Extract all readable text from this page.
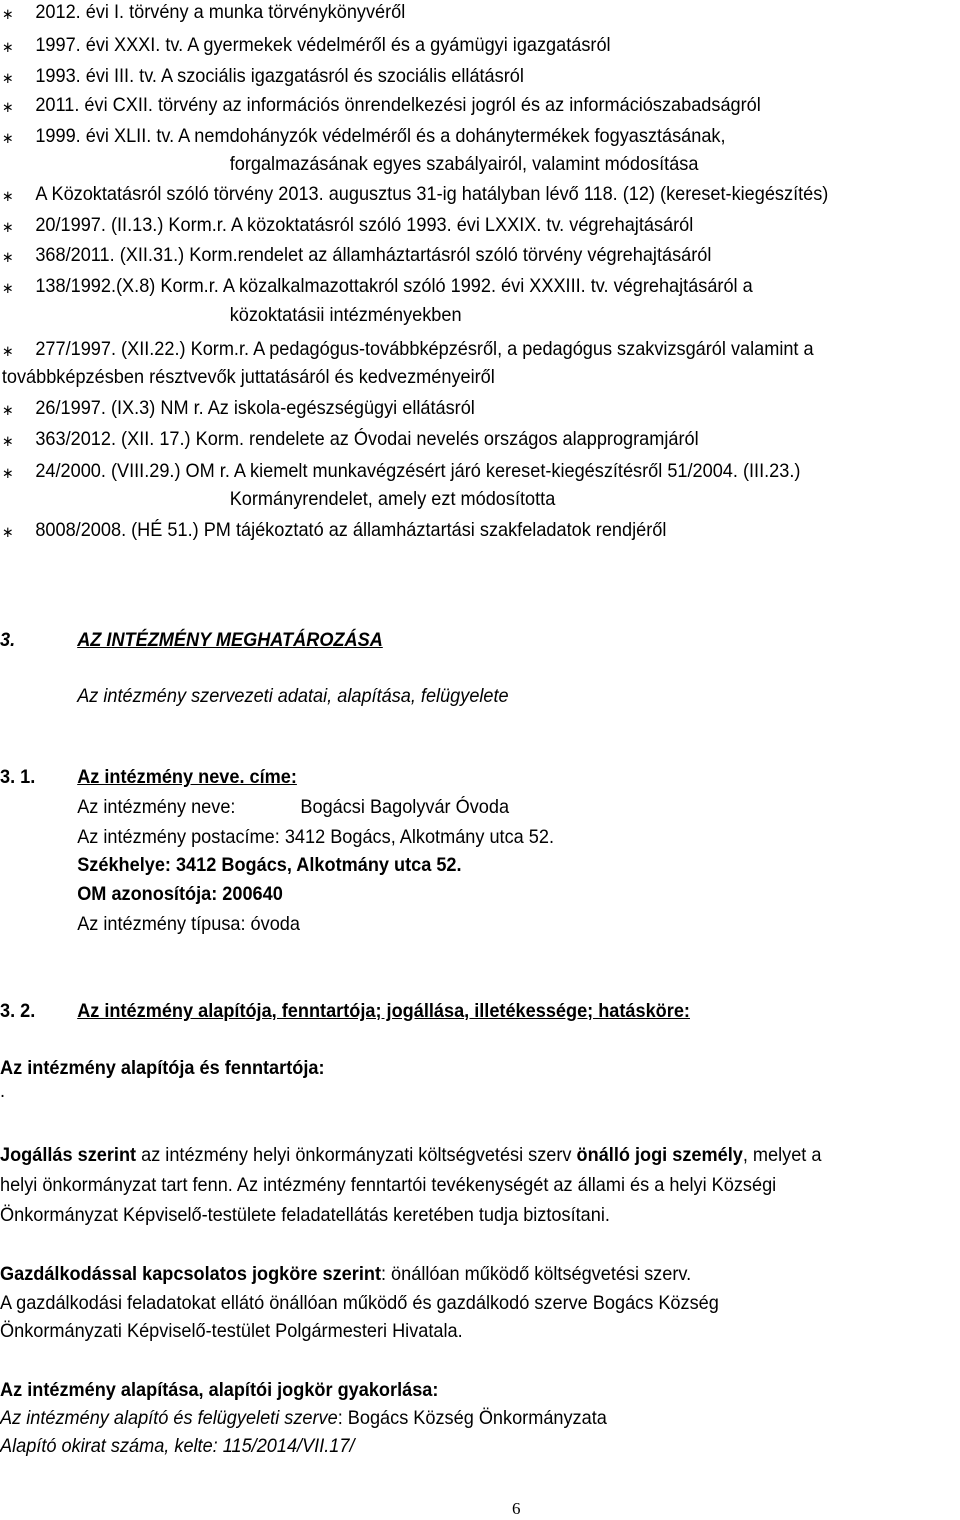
∗ 2012. évi I. törvény a munka törvénykönyvéről
∗ 1997. évi XXXI. tv. A gyermekek védelméről és a gyámügyi igazgatásról
∗ 1993. évi III. tv. A szociális igazgatásról és szociális ellátásról
∗ 2011. évi CXII. törvény az információs önrendelkezési jogról és az információszabadságról
∗ 1999. évi XLII. tv. A nemdohányzók védelméről és a dohánytermékek fogyasztásának,
forgalmazásának egyes szabályairól, valamint módosítása
∗ A Közoktatásról szóló törvény 2013. augusztus 31-ig hatályban lévő 118. (12) (kereset-kiegészítés)
∗ 20/1997. (II.13.) Korm.r. A közoktatásról szóló 1993. évi LXXIX. tv. végrehajtásáról
∗ 368/2011. (XII.31.) Korm.rendelet az államháztartásról szóló törvény végrehajtásáról
∗ 138/1992.(X.8) Korm.r. A közalkalmazottakról szóló 1992. évi XXXIII. tv. végrehajtásáról a
közoktatásii intézményekben
∗ 277/1997. (XII.22.) Korm.r. A pedagógus-továbbképzésről, a pedagógus szakvizsgáról valamint a
továbbképzésben résztvevők juttatásáról és kedvezményeiről
∗ 26/1997. (IX.3) NM r. Az iskola-egészségügyi ellátásról
∗ 363/2012. (XII. 17.) Korm. rendelete az Óvodai nevelés országos alapprogramjáról
∗ 24/2000. (VIII.29.) OM r. A kiemelt munkavégzésért járó kereset-kiegészítésről 51/2004. (III.23.)
Kormányrendelet, amely ezt módosította
∗ 8008/2008. (HÉ 51.) PM tájékoztató az államháztartási szakfeladatok rendjéről
3.	AZ INTÉZMÉNY MEGHATÁROZÁSA
Az intézmény szervezeti adatai, alapítása, felügyelete
3. 1. Az intézmény neve. címe:
Az intézmény neve:	Bogácsi Bagolyvár Óvoda
Az intézmény postacíme: 3412 Bogács, Alkotmány utca 52.
Székhelye: 3412 Bogács, Alkotmány utca 52.
OM azonosítója: 200640
Az intézmény típusa: óvoda
3. 2. Az intézmény alapítója, fenntartója; jogállása, illetékessége; hatásköre:
Az intézmény alapítója és fenntartója:
.
Jogállás szerint az intézmény helyi önkormányzati költségvetési szerv önálló jogi személy, melyet a
helyi önkormányzat tart fenn. Az intézmény fenntartói tevékenységét az állami és a helyi Községi
Önkormányzat Képviselő-testülete feladatellátás keretében tudja biztosítani.
Gazdálkodással kapcsolatos jogköre szerint: önállóan működő költségvetési szerv.
A gazdálkodási feladatokat ellátó önállóan működő és gazdálkodó szerve Bogács Község
Önkormányzati Képviselő-testület Polgármesteri Hivatala.
Az intézmény alapítása, alapítói jogkör gyakorlása:
Az intézmény alapító és felügyeleti szerve: Bogács Község Önkormányzata
Alapító okirat száma, kelte: 115/2014/VII.17/
6
